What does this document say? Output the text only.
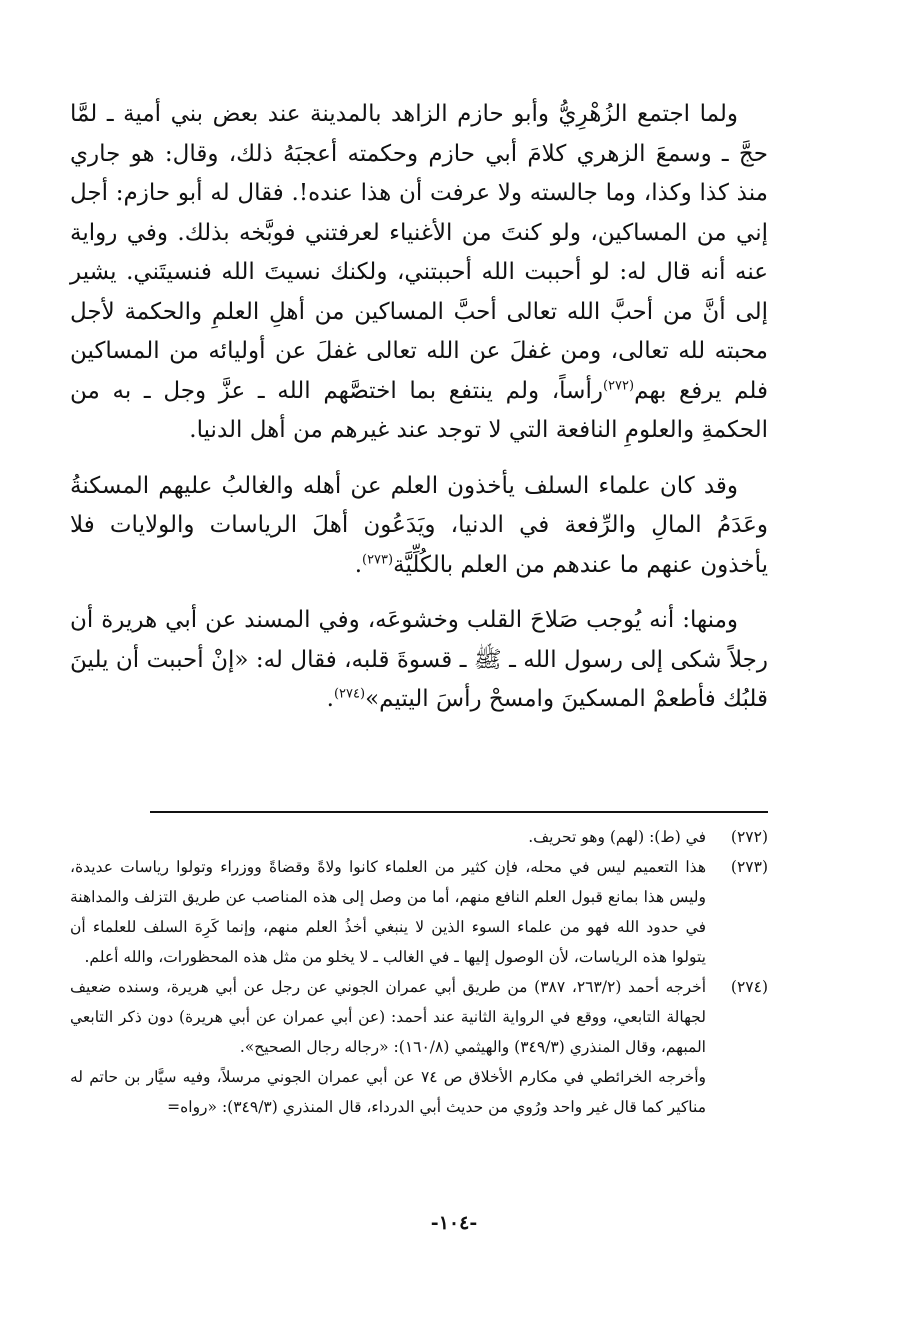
ولما اجتمع الزُهْرِيُّ وأبو حازم الزاهد بالمدينة عند بعض بني أمية ـ لمَّا حجَّ ـ وسمعَ الزهري كلامَ أبي حازم وحكمته أعجبَهُ ذلك، وقال: هو جاري منذ كذا وكذا، وما جالسته ولا عرفت أن هذا عنده!. فقال له أبو حازم: أجل إني من المساكين، ولو كنتَ من الأغنياء لعرفتني فوبَّخه بذلك. وفي رواية عنه أنه قال له: لو أحببت الله أحببتني، ولكنك نسيتَ الله فنسيتَني. يشير إلى أنَّ من أحبَّ الله تعالى أحبَّ المساكين من أهلِ العلمِ والحكمة لأجل محبته لله تعالى، ومن غفلَ عن الله تعالى غفلَ عن أوليائه من المساكين فلم يرفع بهم$^{(٢٧٢)}$رأساً، ولم ينتفع بما اختصَّهم الله ـ عزَّ وجل ـ به من الحكمةِ والعلومِ النافعة التي لا توجد عند غيرهم من أهل الدنيا.

وقد كان علماء السلف يأخذون العلم عن أهله والغالبُ عليهم المسكنةُ وعَدَمُ المالِ والرِّفعة في الدنيا، ويَدَعُون أهلَ الرياسات والولايات فلا يأخذون عنهم ما عندهم من العلم بالكُلِّيَّة$^{(٢٧٣)}$.

ومنها: أنه يُوجب صَلاحَ القلب وخشوعَه، وفي المسند عن أبي هريرة أن رجلاً شكى إلى رسول الله ـ ﷺ ـ قسوةَ قلبه، فقال له: «إنْ أحببت أن يلينَ قلبُك فأطعمْ المسكينَ وامسحْ رأسَ اليتيم»$^{(٢٧٤)}$.

(٢٧٢)
في (ط): (لهم) وهو تحريف.
(٢٧٣)
هذا التعميم ليس في محله، فإن كثير من العلماء كانوا ولاةً وقضاةً ووزراء وتولوا رياسات عديدة، وليس هذا بمانع قبول العلم النافع منهم، أما من وصل إلى هذه المناصب عن طريق التزلف والمداهنة في حدود الله فهو من علماء السوء الذين لا ينبغي أخذُ العلم منهم، وإنما كَرِهَ السلف للعلماء أن يتولوا هذه الرياسات، لأن الوصول إليها ـ في الغالب ـ لا يخلو من مثل هذه المحظورات، والله أعلم.
(٢٧٤)
أخرجه أحمد (٢٦٣/٢، ٣٨٧) من طريق أبي عمران الجوني عن رجل عن أبي هريرة، وسنده ضعيف لجهالة التابعي، ووقع في الرواية الثانية عند أحمد: (عن أبي عمران عن أبي هريرة) دون ذكر التابعي المبهم، وقال المنذري (٣٤٩/٣) والهيثمي (١٦٠/٨): «رجاله رجال الصحيح».

وأخرجه الخرائطي في مكارم الأخلاق ص ٧٤ عن أبي عمران الجوني مرسلاً، وفيه سيَّار بن حاتم له مناكير كما قال غير واحد ورُوي من حديث أبي الدرداء، قال المنذري (٣٤٩/٣): «رواه=

-١٠٤-
